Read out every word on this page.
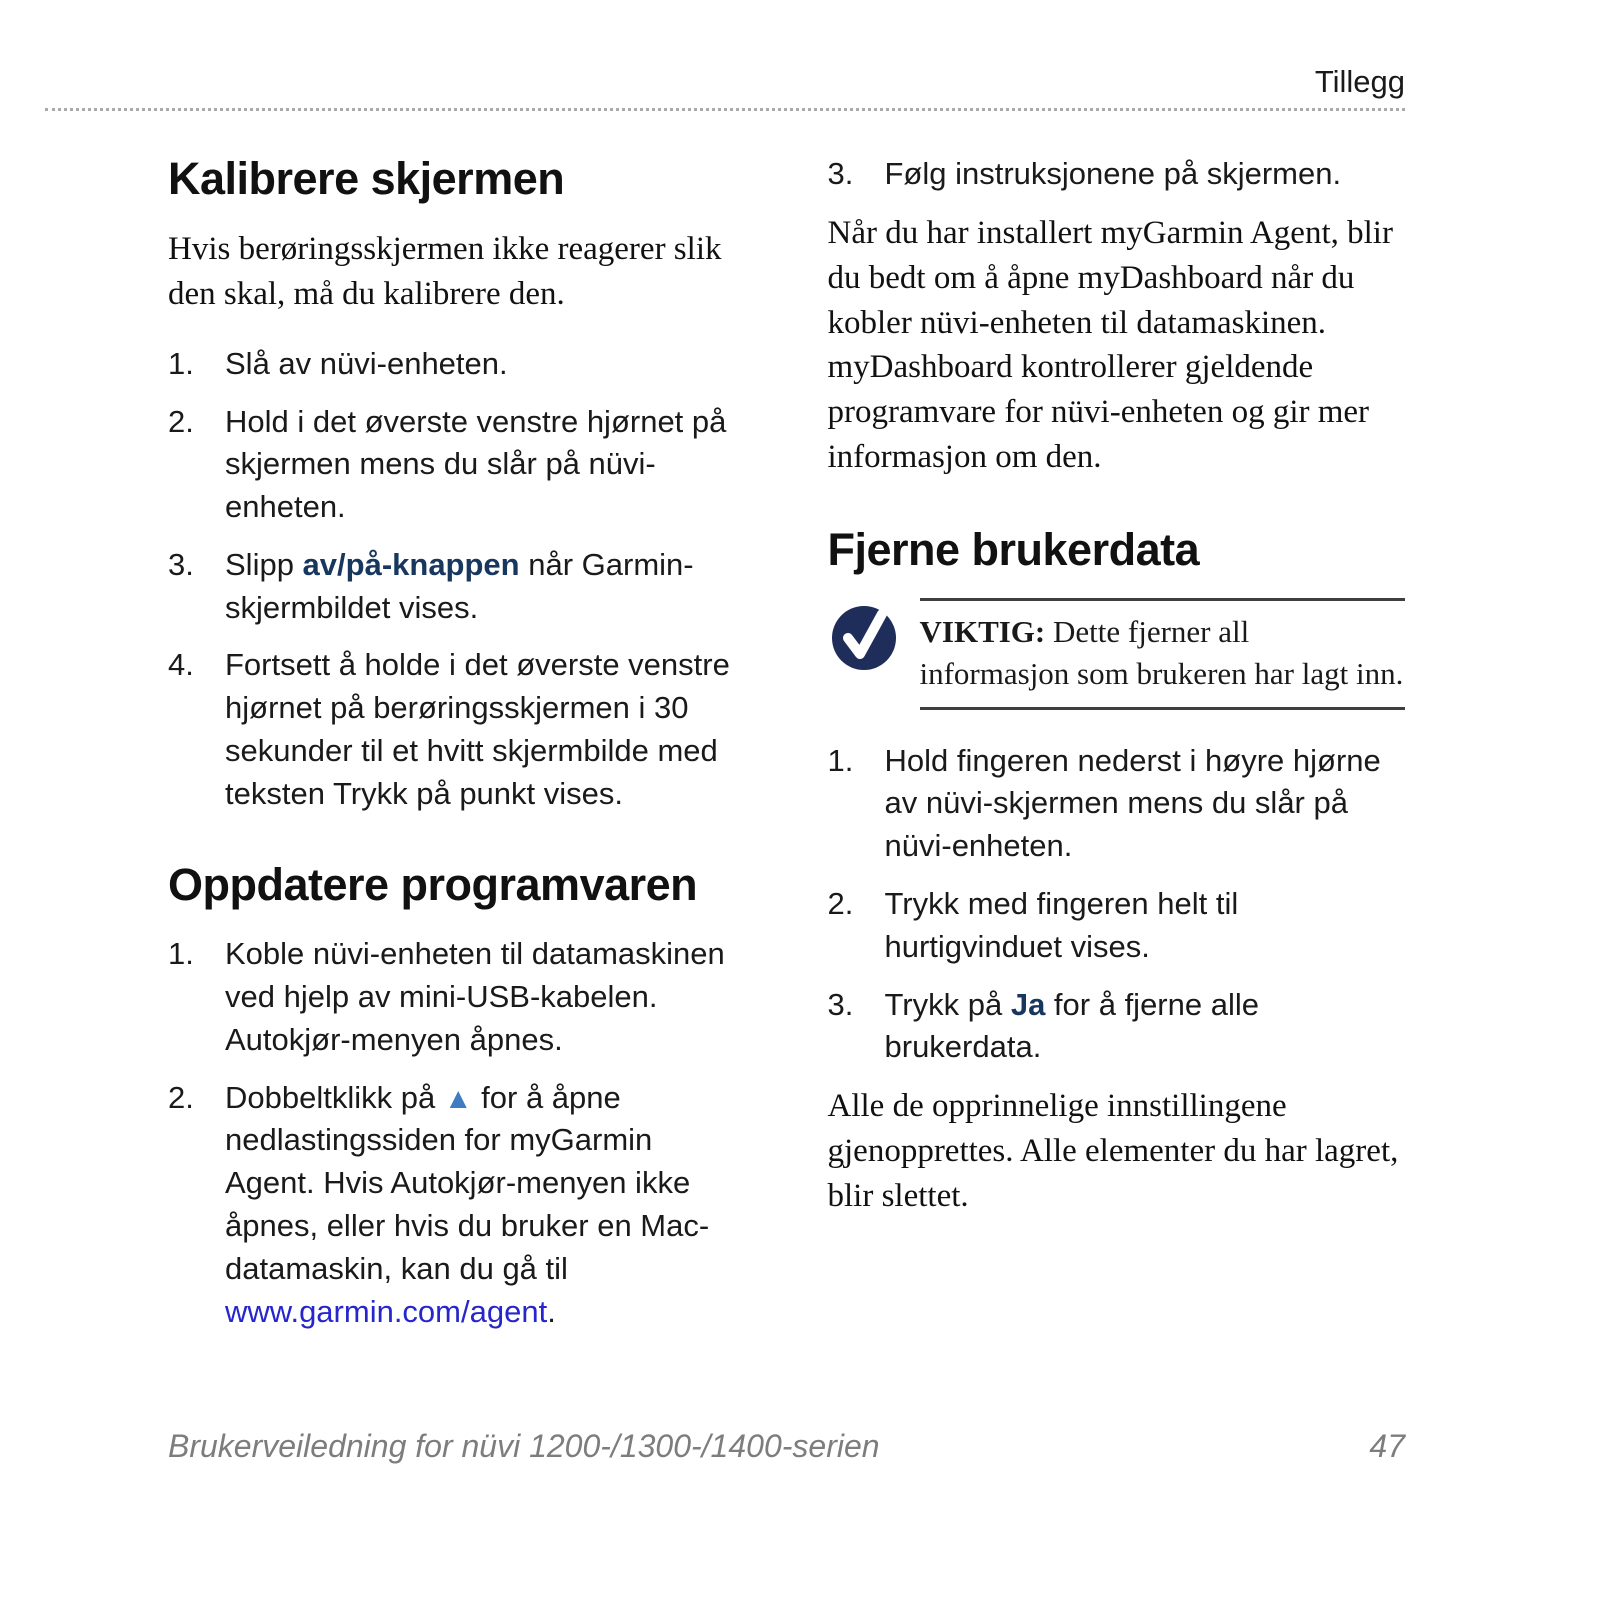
Tillegg
Kalibrere skjermen

Hvis berøringsskjermen ikke reagerer slik den skal, må du kalibrere den.

1.	Slå av nüvi-enheten.
2.	Hold i det øverste venstre hjørnet på skjermen mens du slår på nüvi-enheten.
3.	Slipp av/på-knappen når Garmin-skjermbildet vises.
4.	Fortsett å holde i det øverste venstre hjørnet på berøringsskjermen i 30 sekunder til et hvitt skjermbilde med teksten Trykk på punkt vises.
Oppdatere programvaren
1.	Koble nüvi-enheten til datamaskinen ved hjelp av mini-USB-kabelen. Autokjør-menyen åpnes.
2.	Dobbeltklikk på ▲ for å åpne nedlastingssiden for myGarmin Agent. Hvis Autokjør-menyen ikke åpnes, eller hvis du bruker en Mac-datamaskin, kan du gå til www.garmin.com/agent.
3.	Følg instruksjonene på skjermen.

Når du har installert myGarmin Agent, blir du bedt om å åpne myDashboard når du kobler nüvi-enheten til datamaskinen. myDashboard kontrollerer gjeldende programvare for nüvi-enheten og gir mer informasjon om den.

Fjerne brukerdata
VIKTIG: Dette fjerner all informasjon som brukeren har lagt inn.
1.	Hold fingeren nederst i høyre hjørne av nüvi-skjermen mens du slår på nüvi-enheten.
2.	Trykk med fingeren helt til hurtigvinduet vises.
3.	Trykk på Ja for å fjerne alle brukerdata.

Alle de opprinnelige innstillingene gjenopprettes. Alle elementer du har lagret, blir slettet.

Brukerveiledning for nüvi 1200-/1300-/1400-serien	47
